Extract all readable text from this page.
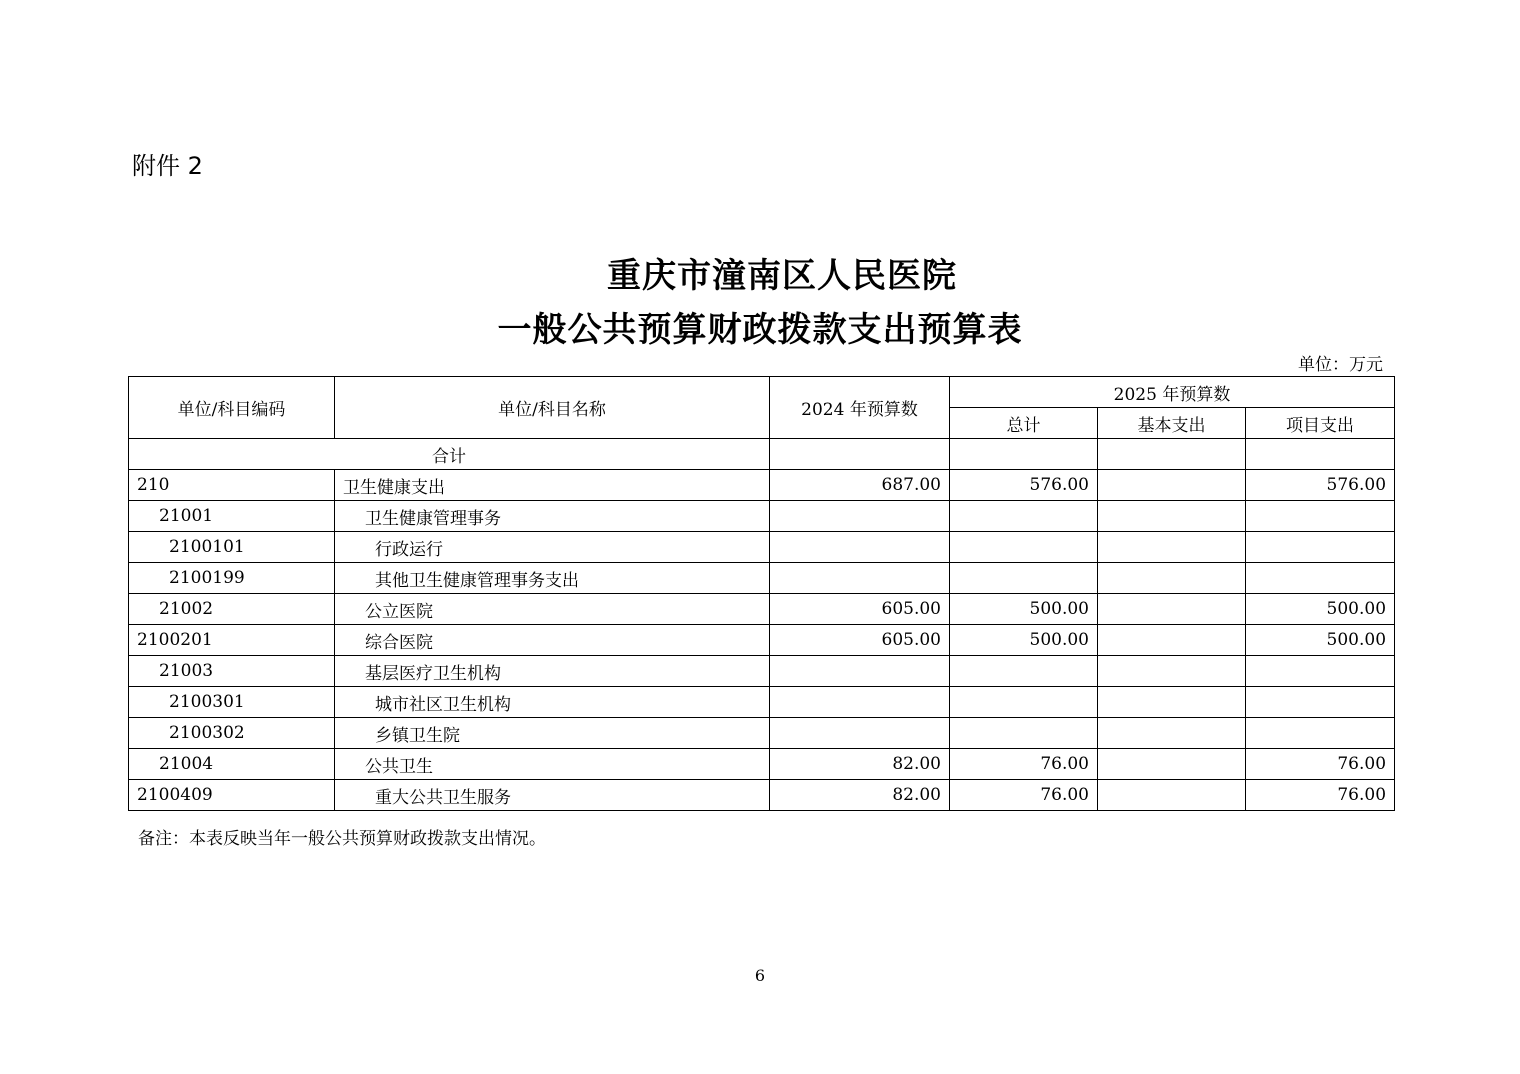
附件 2
重庆市潼南区人民医院
一般公共预算财政拨款支出预算表
单位：万元
单位/科目编码	单位/科目名称	2024 年预算数	2025 年预算数		
			总计	基本支出	项目支出
合计					
210	卫生健康支出	687.00	576.00		576.00
21001	卫生健康管理事务				
2100101	行政运行				
2100199	其他卫生健康管理事务支出				
21002	公立医院	605.00	500.00		500.00
2100201	综合医院	605.00	500.00		500.00
21003	基层医疗卫生机构				
2100301	城市社区卫生机构				
2100302	乡镇卫生院				
21004	公共卫生	82.00	76.00		76.00
2100409	重大公共卫生服务	82.00	76.00		76.00
备注：本表反映当年一般公共预算财政拨款支出情况。
6
